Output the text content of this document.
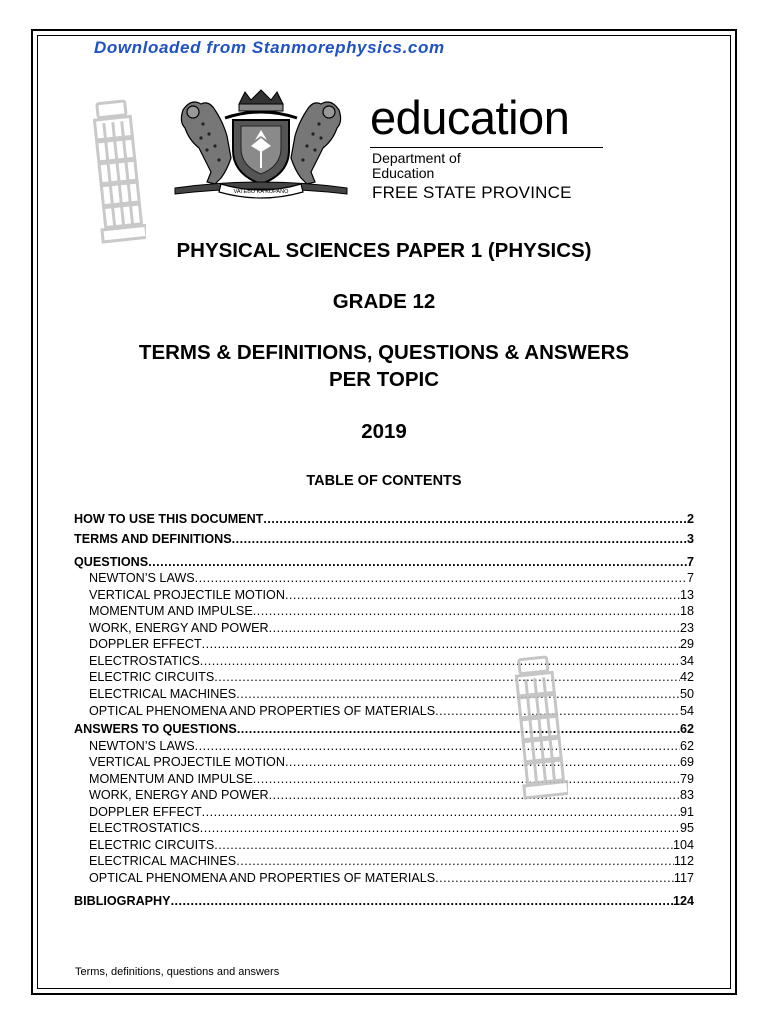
Downloaded from Stanmorephysics.com
VATEBO KA KOPANO
education
Department of
Education
FREE STATE PROVINCE
PHYSICAL SCIENCES PAPER 1 (PHYSICS)
GRADE 12
TERMS & DEFINITIONS, QUESTIONS & ANSWERS
PER TOPIC
2019
TABLE OF CONTENTS
HOW TO USE THIS DOCUMENT .....	2
TERMS AND DEFINITIONS .....	3
QUESTIONS .....	7
NEWTON’S LAWS .....	7
VERTICAL PROJECTILE MOTION .....	13
MOMENTUM AND IMPULSE .....	18
WORK, ENERGY AND POWER .....	23
DOPPLER EFFECT .....	29
ELECTROSTATICS .....	34
ELECTRIC CIRCUITS .....	42
ELECTRICAL MACHINES .....	50
OPTICAL PHENOMENA AND PROPERTIES OF MATERIALS .....	54
ANSWERS TO QUESTIONS .....	62
NEWTON’S LAWS .....	62
VERTICAL PROJECTILE MOTION .....	69
MOMENTUM AND IMPULSE .....	79
WORK, ENERGY AND POWER .....	83
DOPPLER EFFECT .....	91
ELECTROSTATICS .....	95
ELECTRIC CIRCUITS .....	104
ELECTRICAL MACHINES .....	112
OPTICAL PHENOMENA AND PROPERTIES OF MATERIALS .....	117
BIBLIOGRAPHY .....	124
Terms, definitions, questions and answers
